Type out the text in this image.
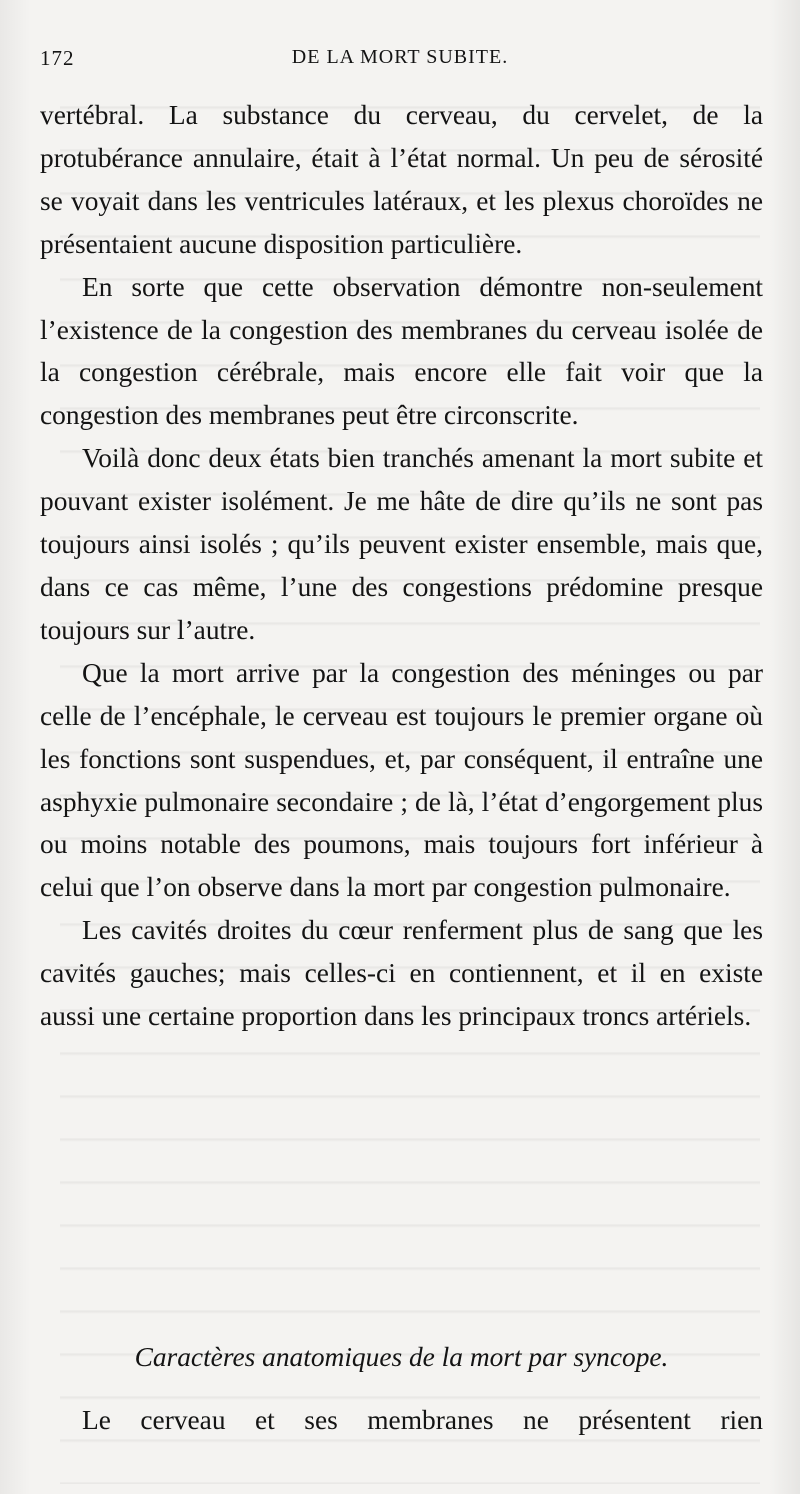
172	DE LA MORT SUBITE.

vertébral. La substance du cerveau, du cervelet, de la protubérance annulaire, était à l’état normal. Un peu de sérosité se voyait dans les ventricules latéraux, et les plexus choroïdes ne présentaient aucune disposition particulière.

En sorte que cette observation démontre non-seulement l’existence de la congestion des membranes du cerveau isolée de la congestion cérébrale, mais encore elle fait voir que la congestion des membranes peut être circonscrite.

Voilà donc deux états bien tranchés amenant la mort subite et pouvant exister isolément. Je me hâte de dire qu’ils ne sont pas toujours ainsi isolés ; qu’ils peuvent exister ensemble, mais que, dans ce cas même, l’une des congestions prédomine presque toujours sur l’autre.

Que la mort arrive par la congestion des méninges ou par celle de l’encéphale, le cerveau est toujours le premier organe où les fonctions sont suspendues, et, par conséquent, il entraîne une asphyxie pulmonaire secondaire ; de là, l’état d’engorgement plus ou moins notable des poumons, mais toujours fort inférieur à celui que l’on observe dans la mort par congestion pulmonaire.

Les cavités droites du cœur renferment plus de sang que les cavités gauches; mais celles-ci en contiennent, et il en existe aussi une certaine proportion dans les principaux troncs artériels.

Caractères anatomiques de la mort par syncope.
Le cerveau et ses membranes ne présentent rien
